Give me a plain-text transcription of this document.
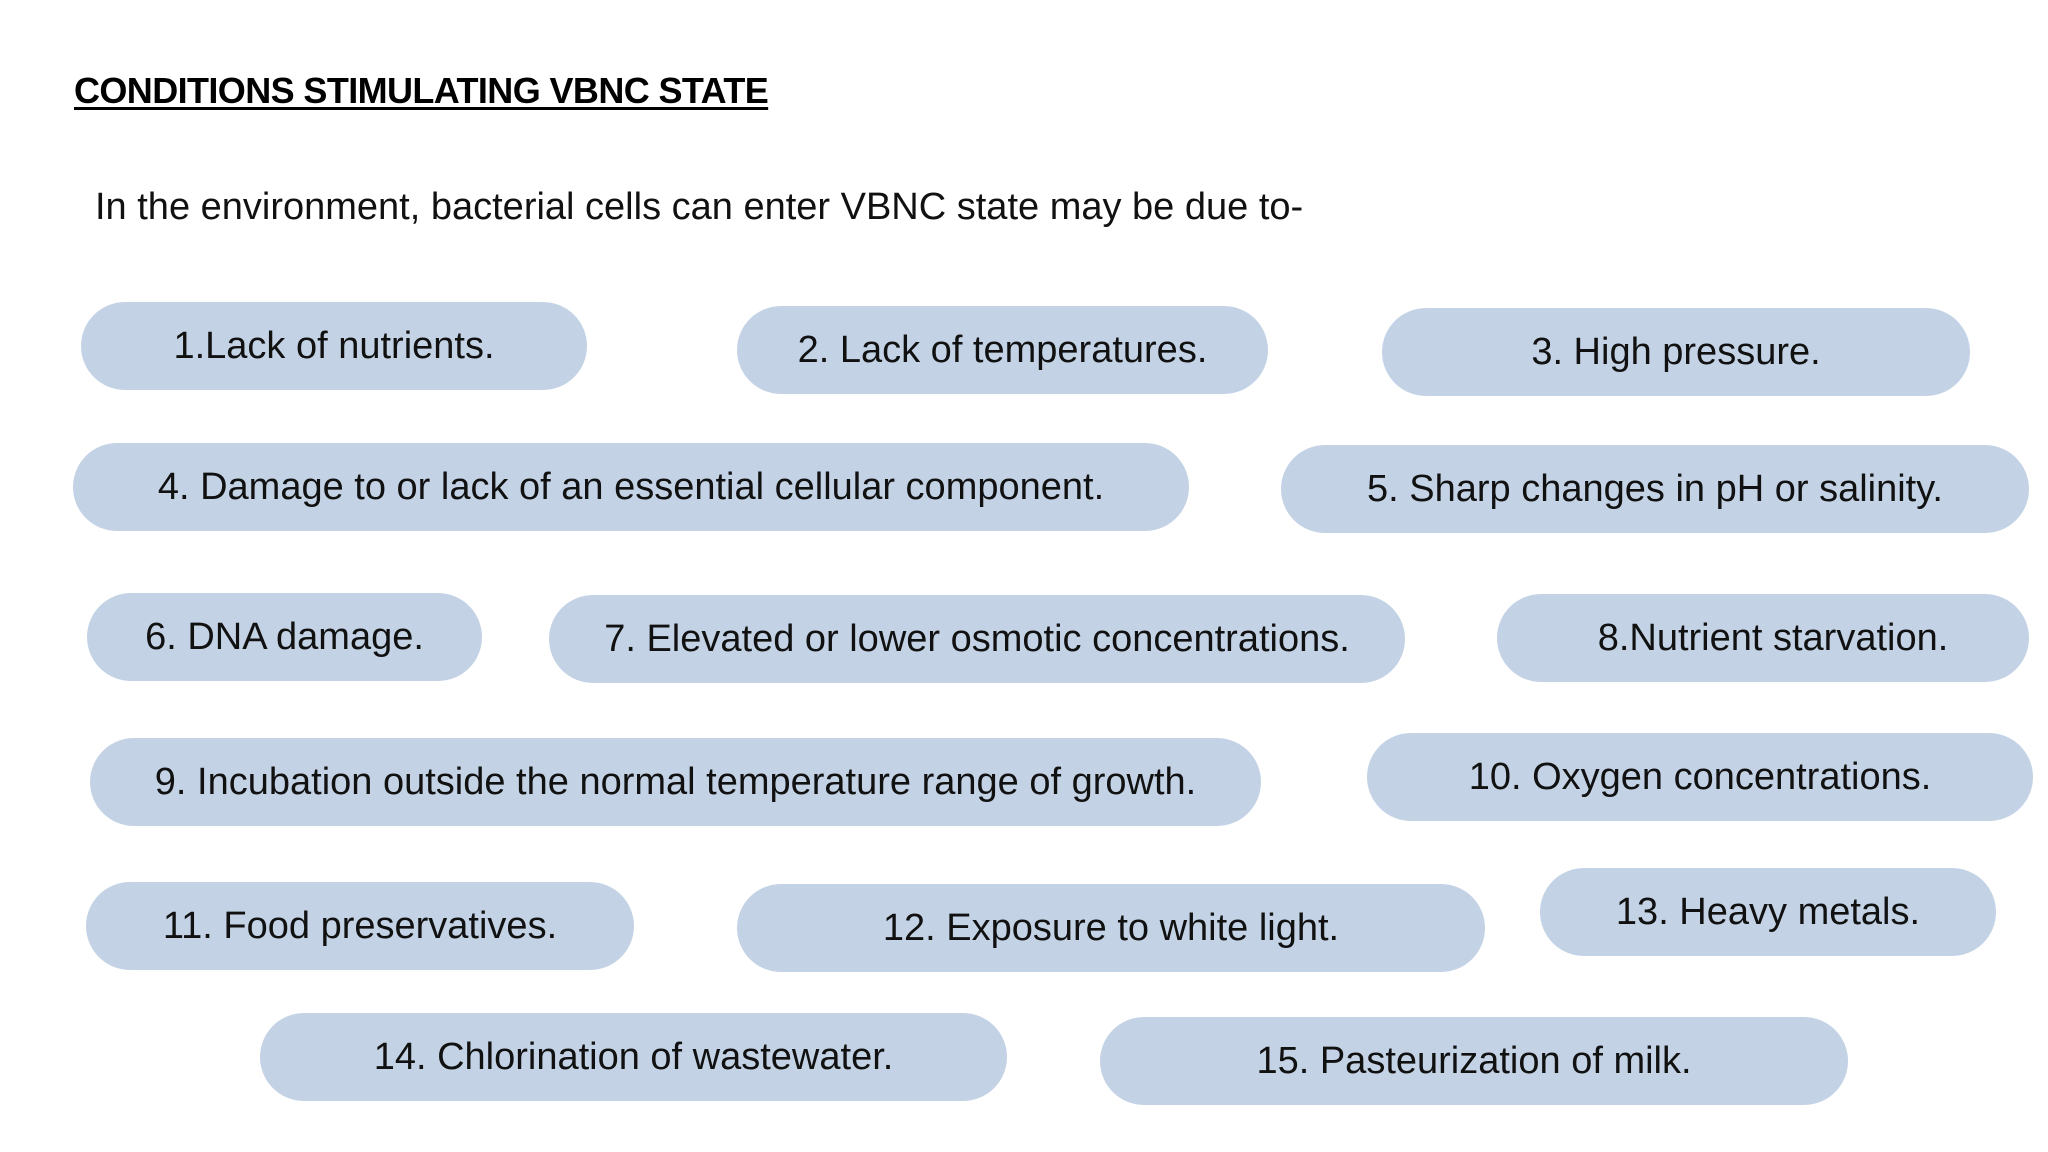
CONDITIONS STIMULATING VBNC STATE
In the environment, bacterial cells can enter VBNC state may be due to-
1.Lack of nutrients.	2. Lack of temperatures.	3. High pressure.
4. Damage to or lack of an essential cellular component.	5. Sharp changes in pH or salinity.
6. DNA damage.	7. Elevated or lower osmotic concentrations.	8.Nutrient starvation.
9. Incubation outside the normal temperature range of growth.	10. Oxygen concentrations.
11. Food preservatives.	12. Exposure to white light.	13. Heavy metals.
14. Chlorination of wastewater.	15. Pasteurization of milk.
